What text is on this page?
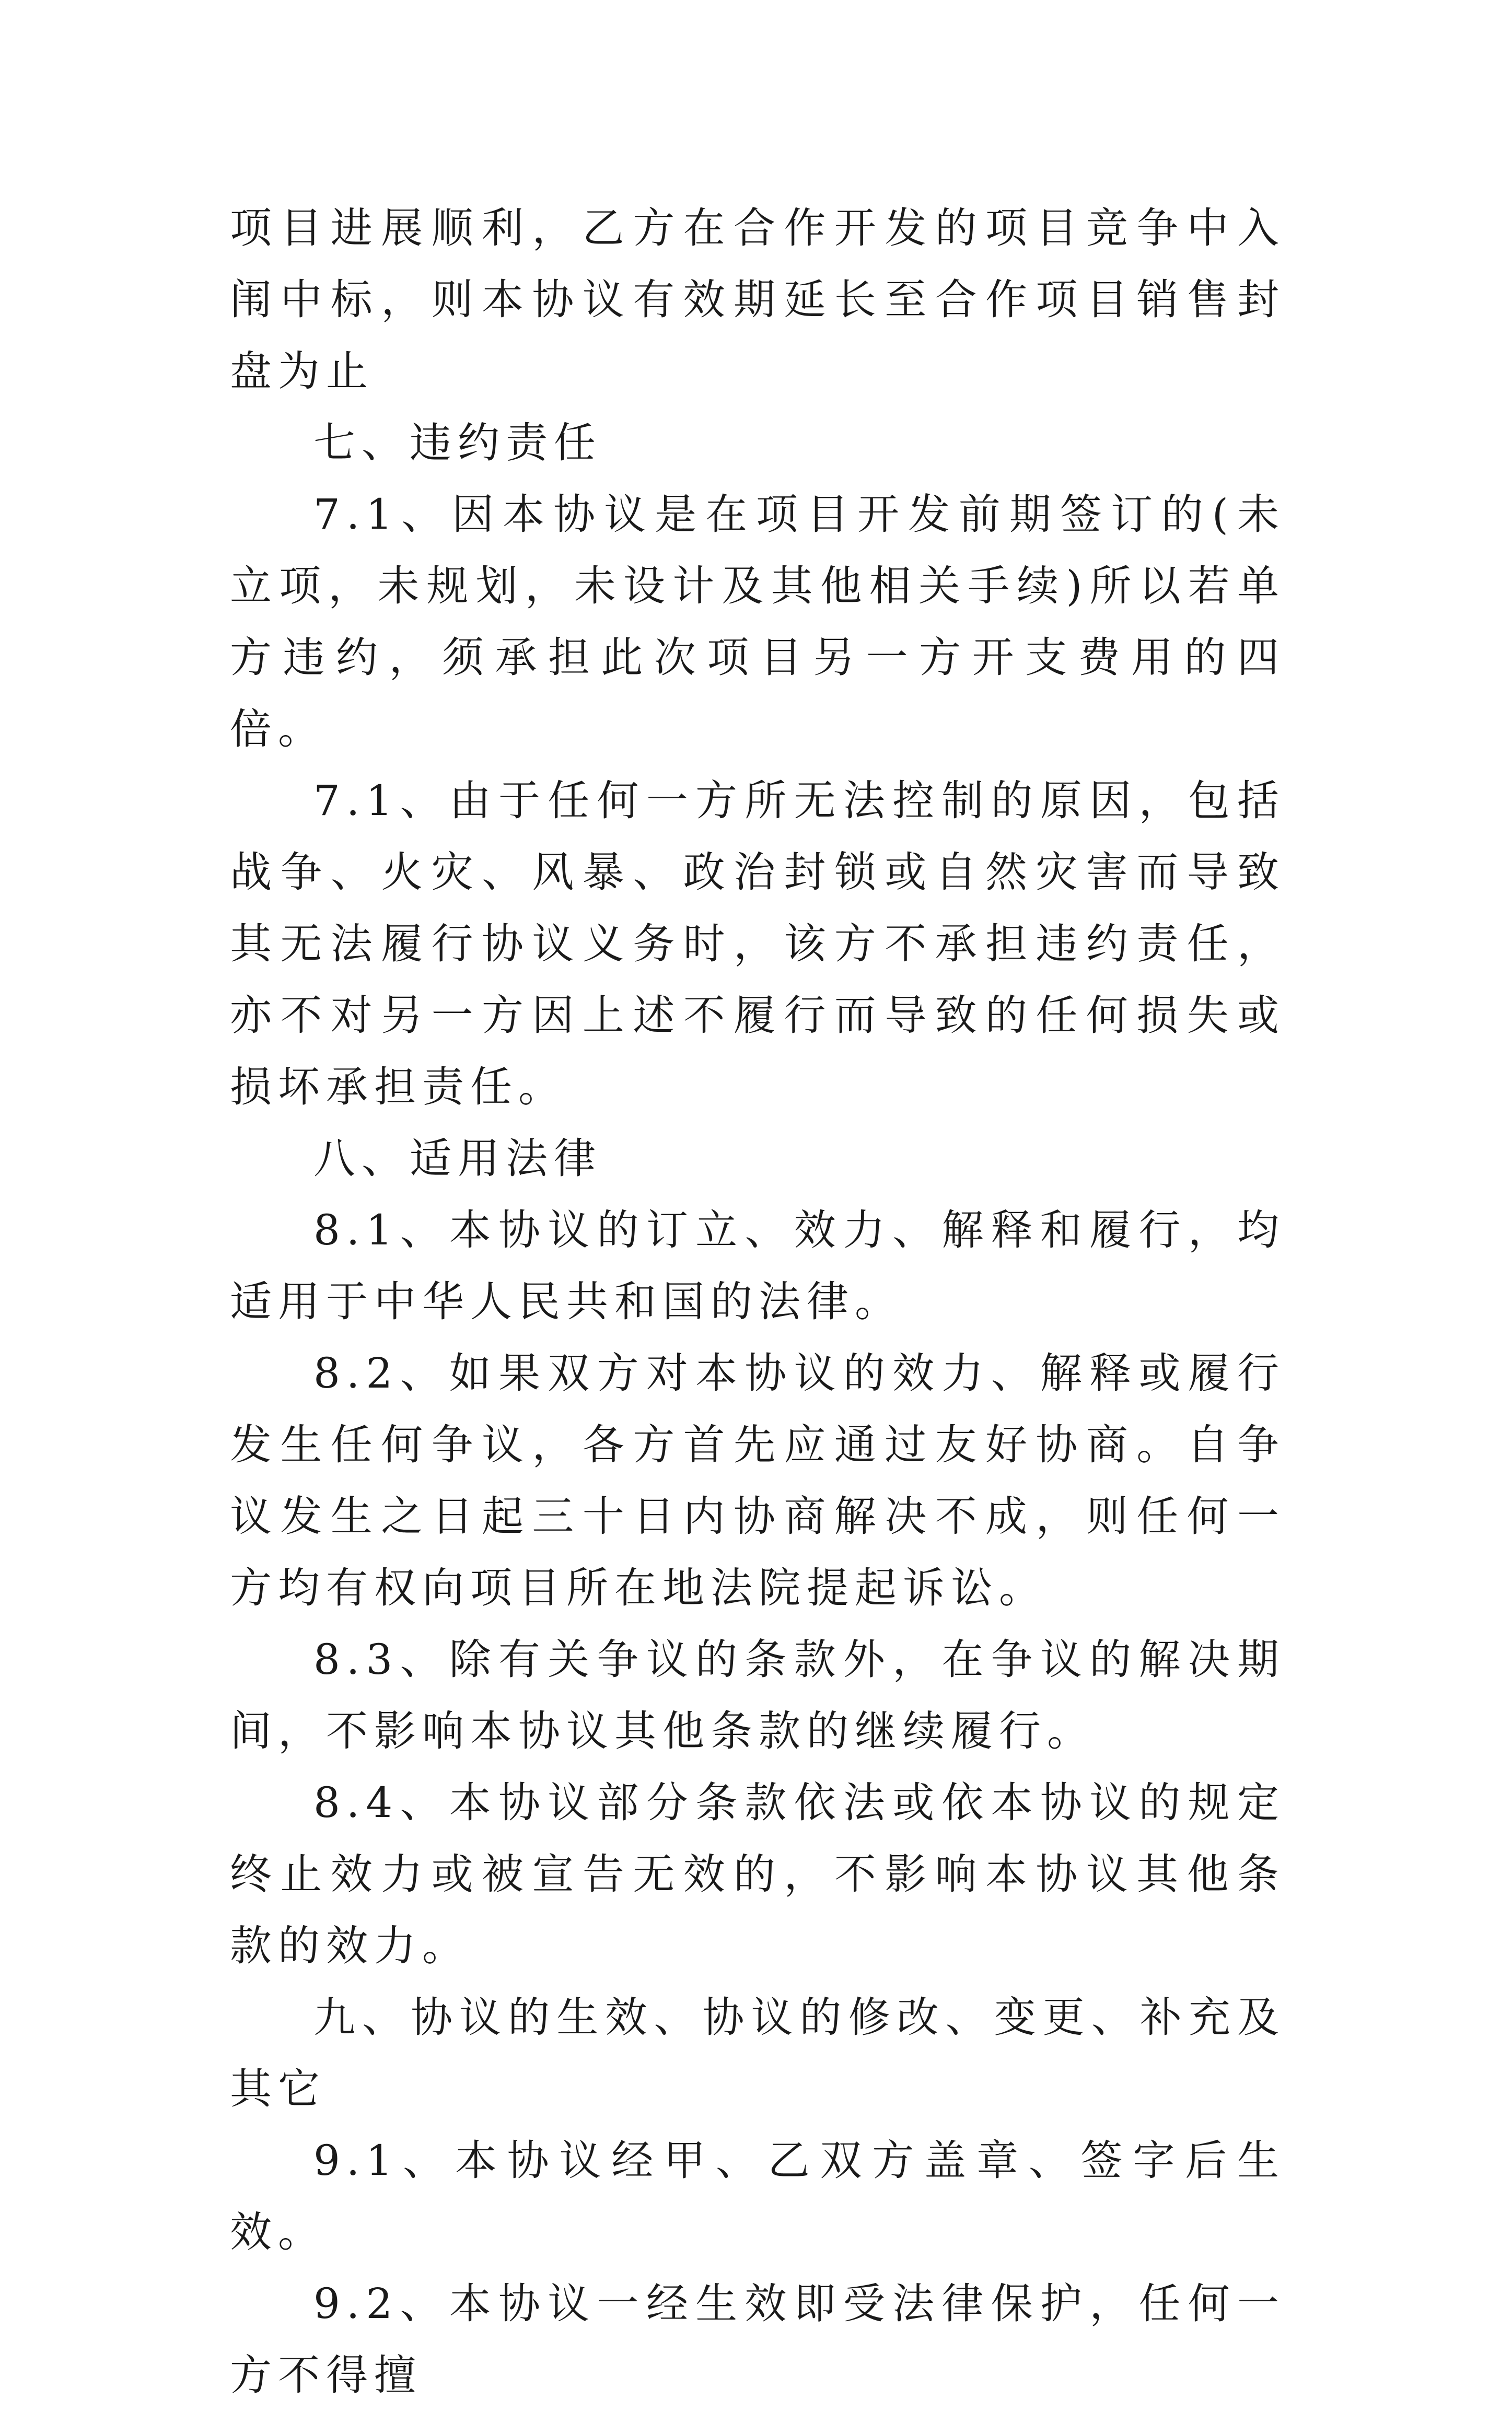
项目进展顺利，乙方在合作开发的项目竞争中入闱中标，则本协议有效期延长至合作项目销售封盘为止

七、违约责任

7.1、因本协议是在项目开发前期签订的(未立项，未规划，未设计及其他相关手续)所以若单方违约，须承担此次项目另一方开支费用的四倍。

7.1、由于任何一方所无法控制的原因，包括战争、火灾、风暴、政治封锁或自然灾害而导致其无法履行协议义务时，该方不承担违约责任，亦不对另一方因上述不履行而导致的任何损失或损坏承担责任。

八、适用法律

8.1、本协议的订立、效力、解释和履行，均适用于中华人民共和国的法律。

8.2、如果双方对本协议的效力、解释或履行发生任何争议，各方首先应通过友好协商。自争议发生之日起三十日内协商解决不成，则任何一方均有权向项目所在地法院提起诉讼。

8.3、除有关争议的条款外，在争议的解决期间，不影响本协议其他条款的继续履行。

8.4、本协议部分条款依法或依本协议的规定终止效力或被宣告无效的，不影响本协议其他条款的效力。

九、协议的生效、协议的修改、变更、补充及其它

9.1、本协议经甲、乙双方盖章、签字后生效。

9.2、本协议一经生效即受法律保护，任何一方不得擅
